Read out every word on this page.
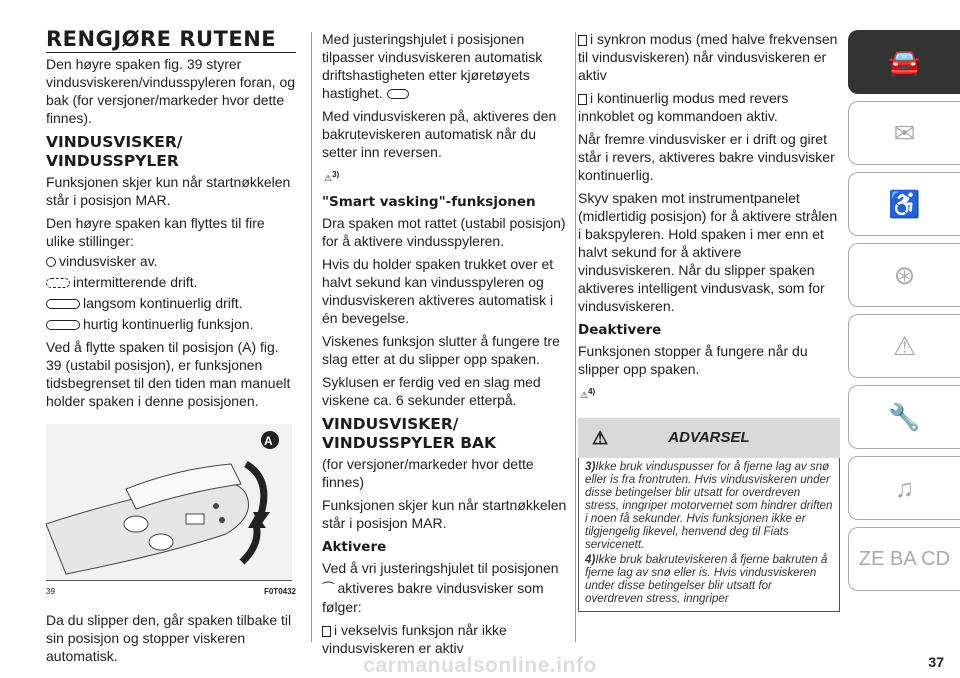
RENGJØRE RUTENE

Den høyre spaken fig. 39 styrer vindusviskeren/vindusspyleren foran, og bak (for versjoner/markeder hvor dette finnes).

VINDUSVISKER/ VINDUSSPYLER

Funksjonen skjer kun når startnøkkelen står i posisjon MAR.

Den høyre spaken kan flyttes til fire ulike stillinger:

vindusvisker av.

intermitterende drift.

langsom kontinuerlig drift.

hurtig kontinuerlig funksjon.

Ved å flytte spaken til posisjon (A) fig. 39 (ustabil posisjon), er funksjonen tidsbegrenset til den tiden man manuelt holder spaken i denne posisjonen.

A
39	F0T0432

Da du slipper den, går spaken tilbake til sin posisjon og stopper viskeren automatisk.

Med justeringshjulet i posisjonen tilpasser vindusviskeren automatisk driftshastigheten etter kjøretøyets hastighet.

Med vindusviskeren på, aktiveres den bakruteviskeren automatisk når du setter inn reversen.

⚠$^{3)}$
"Smart vasking"-funksjonen

Dra spaken mot rattet (ustabil posisjon) for å aktivere vindusspyleren.

Hvis du holder spaken trukket over et halvt sekund kan vindusspyleren og vindusviskeren aktiveres automatisk i én bevegelse.

Viskenes funksjon slutter å fungere tre slag etter at du slipper opp spaken.

Syklusen er ferdig ved en slag med viskene ca. 6 sekunder etterpå.

VINDUSVISKER/ VINDUSSPYLER BAK

(for versjoner/markeder hvor dette finnes)

Funksjonen skjer kun når startnøkkelen står i posisjon MAR.

Aktivere

Ved å vri justeringshjulet til posisjonen

⏜ aktiveres bakre vindusvisker som følger:

i vekselvis funksjon når ikke vindusviskeren er aktiv

i synkron modus (med halve frekvensen til vindusviskeren) når vindusviskeren er aktiv

i kontinuerlig modus med revers innkoblet og kommandoen aktiv.

Når fremre vindusvisker er i drift og giret står i revers, aktiveres bakre vindusvisker kontinuerlig.

Skyv spaken mot instrumentpanelet (midlertidig posisjon) for å aktivere strålen i bakspyleren. Hold spaken i mer enn et halvt sekund for å aktivere vindusviskeren. Når du slipper spaken aktiveres intelligent vindusvask, som for vindusviskeren.

Deaktivere

Funksjonen stopper å fungere når du slipper opp spaken.

⚠$^{4)}$
⚠	ADVARSEL

3)Ikke bruk vinduspusser for å fjerne lag av snø eller is fra frontruten. Hvis vindusviskeren under disse betingelser blir utsatt for overdreven stress, inngriper motorvernet som hindrer driften i noen få sekunder. Hvis funksjonen ikke er tilgjengelig likevel, henvend deg til Fiats servicenett.

4)Ikke bruk bakruteviskeren å fjerne bakruten å fjerne lag av snø eller is. Hvis vindusviskeren under disse betingelser blir utsatt for overdreven stress, inngriper

🚘
✉
♿
⊛
⚠
🔧
♫
ZE BA CD
37
carmanualsonline.info
